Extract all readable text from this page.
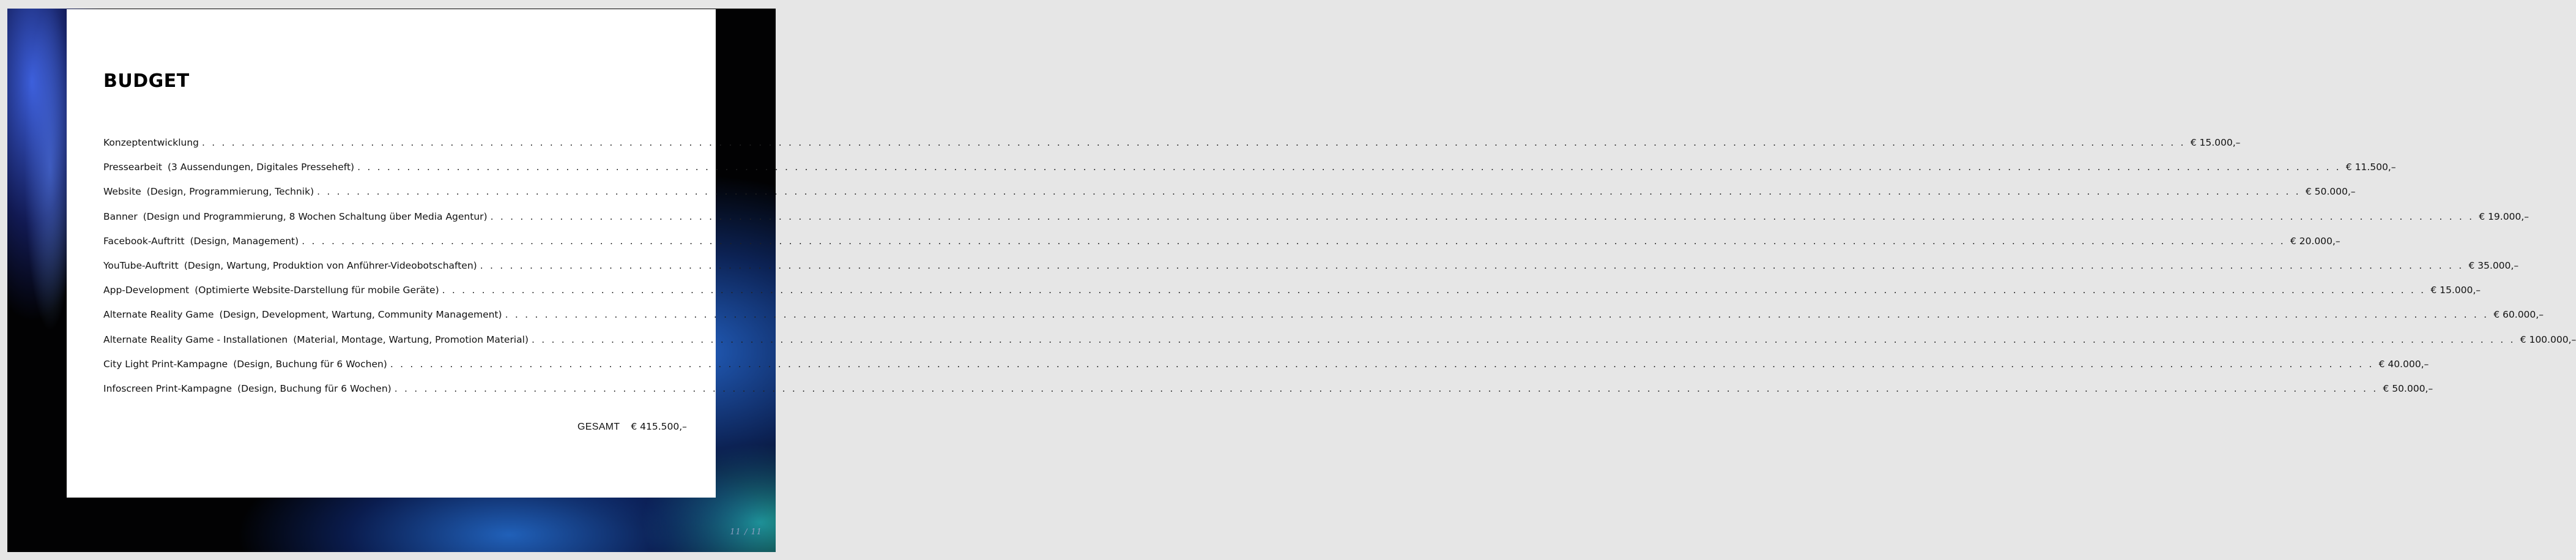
BUDGET
Konzeptentwicklung . . . . . . . . . . . . . . . . . . . . . . . . . . . . . . . . . . . . . . . . . . . . . . . . . . . . . . . . . . . . . . . . . . . . . . . . . . . . . . . . . . . . . . . . . . . . . . . . . . . . . . . . . . . . . . . . . . . . . . . . . . . . . . . . . . . . . . . . . . . . . . . . . . . . . . . . . . . . . . . . . . . . . . . . . . . . . . . . . . . . . . . . . . . . . . . . . . . . . . . . € 15.000,–
Pressearbeit (3 Aussendungen, Digitales Presseheft) . . . . . . . . . . . . . . . . . . . . . . . . . . . . . . . . . . . . . . . . . . . . . . . . . . . . . . . . . . . . . . . . . . . . . . . . . . . . . . . . . . . . . . . . . . . . . . . . . . . . . . . . . . . . . . . . . . . . . . . . . . . . . . . . . . . . . . . . . . . . . . . . . . . . . . . . . . . . . . . . . . . . . . . . . . . . . . . . . . . . . . . . . . . . . . . . . . . . . . . . € 11.500,–
Website (Design, Programmierung, Technik) . . . . . . . . . . . . . . . . . . . . . . . . . . . . . . . . . . . . . . . . . . . . . . . . . . . . . . . . . . . . . . . . . . . . . . . . . . . . . . . . . . . . . . . . . . . . . . . . . . . . . . . . . . . . . . . . . . . . . . . . . . . . . . . . . . . . . . . . . . . . . . . . . . . . . . . . . . . . . . . . . . . . . . . . . . . . . . . . . . . . . . . . . . . . . . . . . . . . . . . . € 50.000,–
Banner (Design und Programmierung, 8 Wochen Schaltung über Media Agentur) . . . . . . . . . . . . . . . . . . . . . . . . . . . . . . . . . . . . . . . . . . . . . . . . . . . . . . . . . . . . . . . . . . . . . . . . . . . . . . . . . . . . . . . . . . . . . . . . . . . . . . . . . . . . . . . . . . . . . . . . . . . . . . . . . . . . . . . . . . . . . . . . . . . . . . . . . . . . . . . . . . . . . . . . . . . . . . . . . . . . . . . . . . . . . . . . . . . . . . . . € 19.000,–
Facebook-Auftritt (Design, Management) . . . . . . . . . . . . . . . . . . . . . . . . . . . . . . . . . . . . . . . . . . . . . . . . . . . . . . . . . . . . . . . . . . . . . . . . . . . . . . . . . . . . . . . . . . . . . . . . . . . . . . . . . . . . . . . . . . . . . . . . . . . . . . . . . . . . . . . . . . . . . . . . . . . . . . . . . . . . . . . . . . . . . . . . . . . . . . . . . . . . . . . . . . . . . . . . . . . . . . . . € 20.000,–
YouTube-Auftritt (Design, Wartung, Produktion von Anführer-Videobotschaften) . . . . . . . . . . . . . . . . . . . . . . . . . . . . . . . . . . . . . . . . . . . . . . . . . . . . . . . . . . . . . . . . . . . . . . . . . . . . . . . . . . . . . . . . . . . . . . . . . . . . . . . . . . . . . . . . . . . . . . . . . . . . . . . . . . . . . . . . . . . . . . . . . . . . . . . . . . . . . . . . . . . . . . . . . . . . . . . . . . . . . . . . . . . . . . . . . . . . . . . . € 35.000,–
App-Development (Optimierte Website-Darstellung für mobile Geräte) . . . . . . . . . . . . . . . . . . . . . . . . . . . . . . . . . . . . . . . . . . . . . . . . . . . . . . . . . . . . . . . . . . . . . . . . . . . . . . . . . . . . . . . . . . . . . . . . . . . . . . . . . . . . . . . . . . . . . . . . . . . . . . . . . . . . . . . . . . . . . . . . . . . . . . . . . . . . . . . . . . . . . . . . . . . . . . . . . . . . . . . . . . . . . . . . . . . . . . . . € 15.000,–
Alternate Reality Game (Design, Development, Wartung, Community Management) . . . . . . . . . . . . . . . . . . . . . . . . . . . . . . . . . . . . . . . . . . . . . . . . . . . . . . . . . . . . . . . . . . . . . . . . . . . . . . . . . . . . . . . . . . . . . . . . . . . . . . . . . . . . . . . . . . . . . . . . . . . . . . . . . . . . . . . . . . . . . . . . . . . . . . . . . . . . . . . . . . . . . . . . . . . . . . . . . . . . . . . . . . . . . . . . . . . . . . . . € 60.000,–
Alternate Reality Game - Installationen (Material, Montage, Wartung, Promotion Material) . . . . . . . . . . . . . . . . . . . . . . . . . . . . . . . . . . . . . . . . . . . . . . . . . . . . . . . . . . . . . . . . . . . . . . . . . . . . . . . . . . . . . . . . . . . . . . . . . . . . . . . . . . . . . . . . . . . . . . . . . . . . . . . . . . . . . . . . . . . . . . . . . . . . . . . . . . . . . . . . . . . . . . . . . . . . . . . . . . . . . . . . . . . . . . . . . . . . . . . . € 100.000,–
City Light Print-Kampagne (Design, Buchung für 6 Wochen) . . . . . . . . . . . . . . . . . . . . . . . . . . . . . . . . . . . . . . . . . . . . . . . . . . . . . . . . . . . . . . . . . . . . . . . . . . . . . . . . . . . . . . . . . . . . . . . . . . . . . . . . . . . . . . . . . . . . . . . . . . . . . . . . . . . . . . . . . . . . . . . . . . . . . . . . . . . . . . . . . . . . . . . . . . . . . . . . . . . . . . . . . . . . . . . . . . . . . . . . € 40.000,–
Infoscreen Print-Kampagne (Design, Buchung für 6 Wochen) . . . . . . . . . . . . . . . . . . . . . . . . . . . . . . . . . . . . . . . . . . . . . . . . . . . . . . . . . . . . . . . . . . . . . . . . . . . . . . . . . . . . . . . . . . . . . . . . . . . . . . . . . . . . . . . . . . . . . . . . . . . . . . . . . . . . . . . . . . . . . . . . . . . . . . . . . . . . . . . . . . . . . . . . . . . . . . . . . . . . . . . . . . . . . . . . . . . . . . . . € 50.000,–
GESAMT € 415.500,–
11 / 11
